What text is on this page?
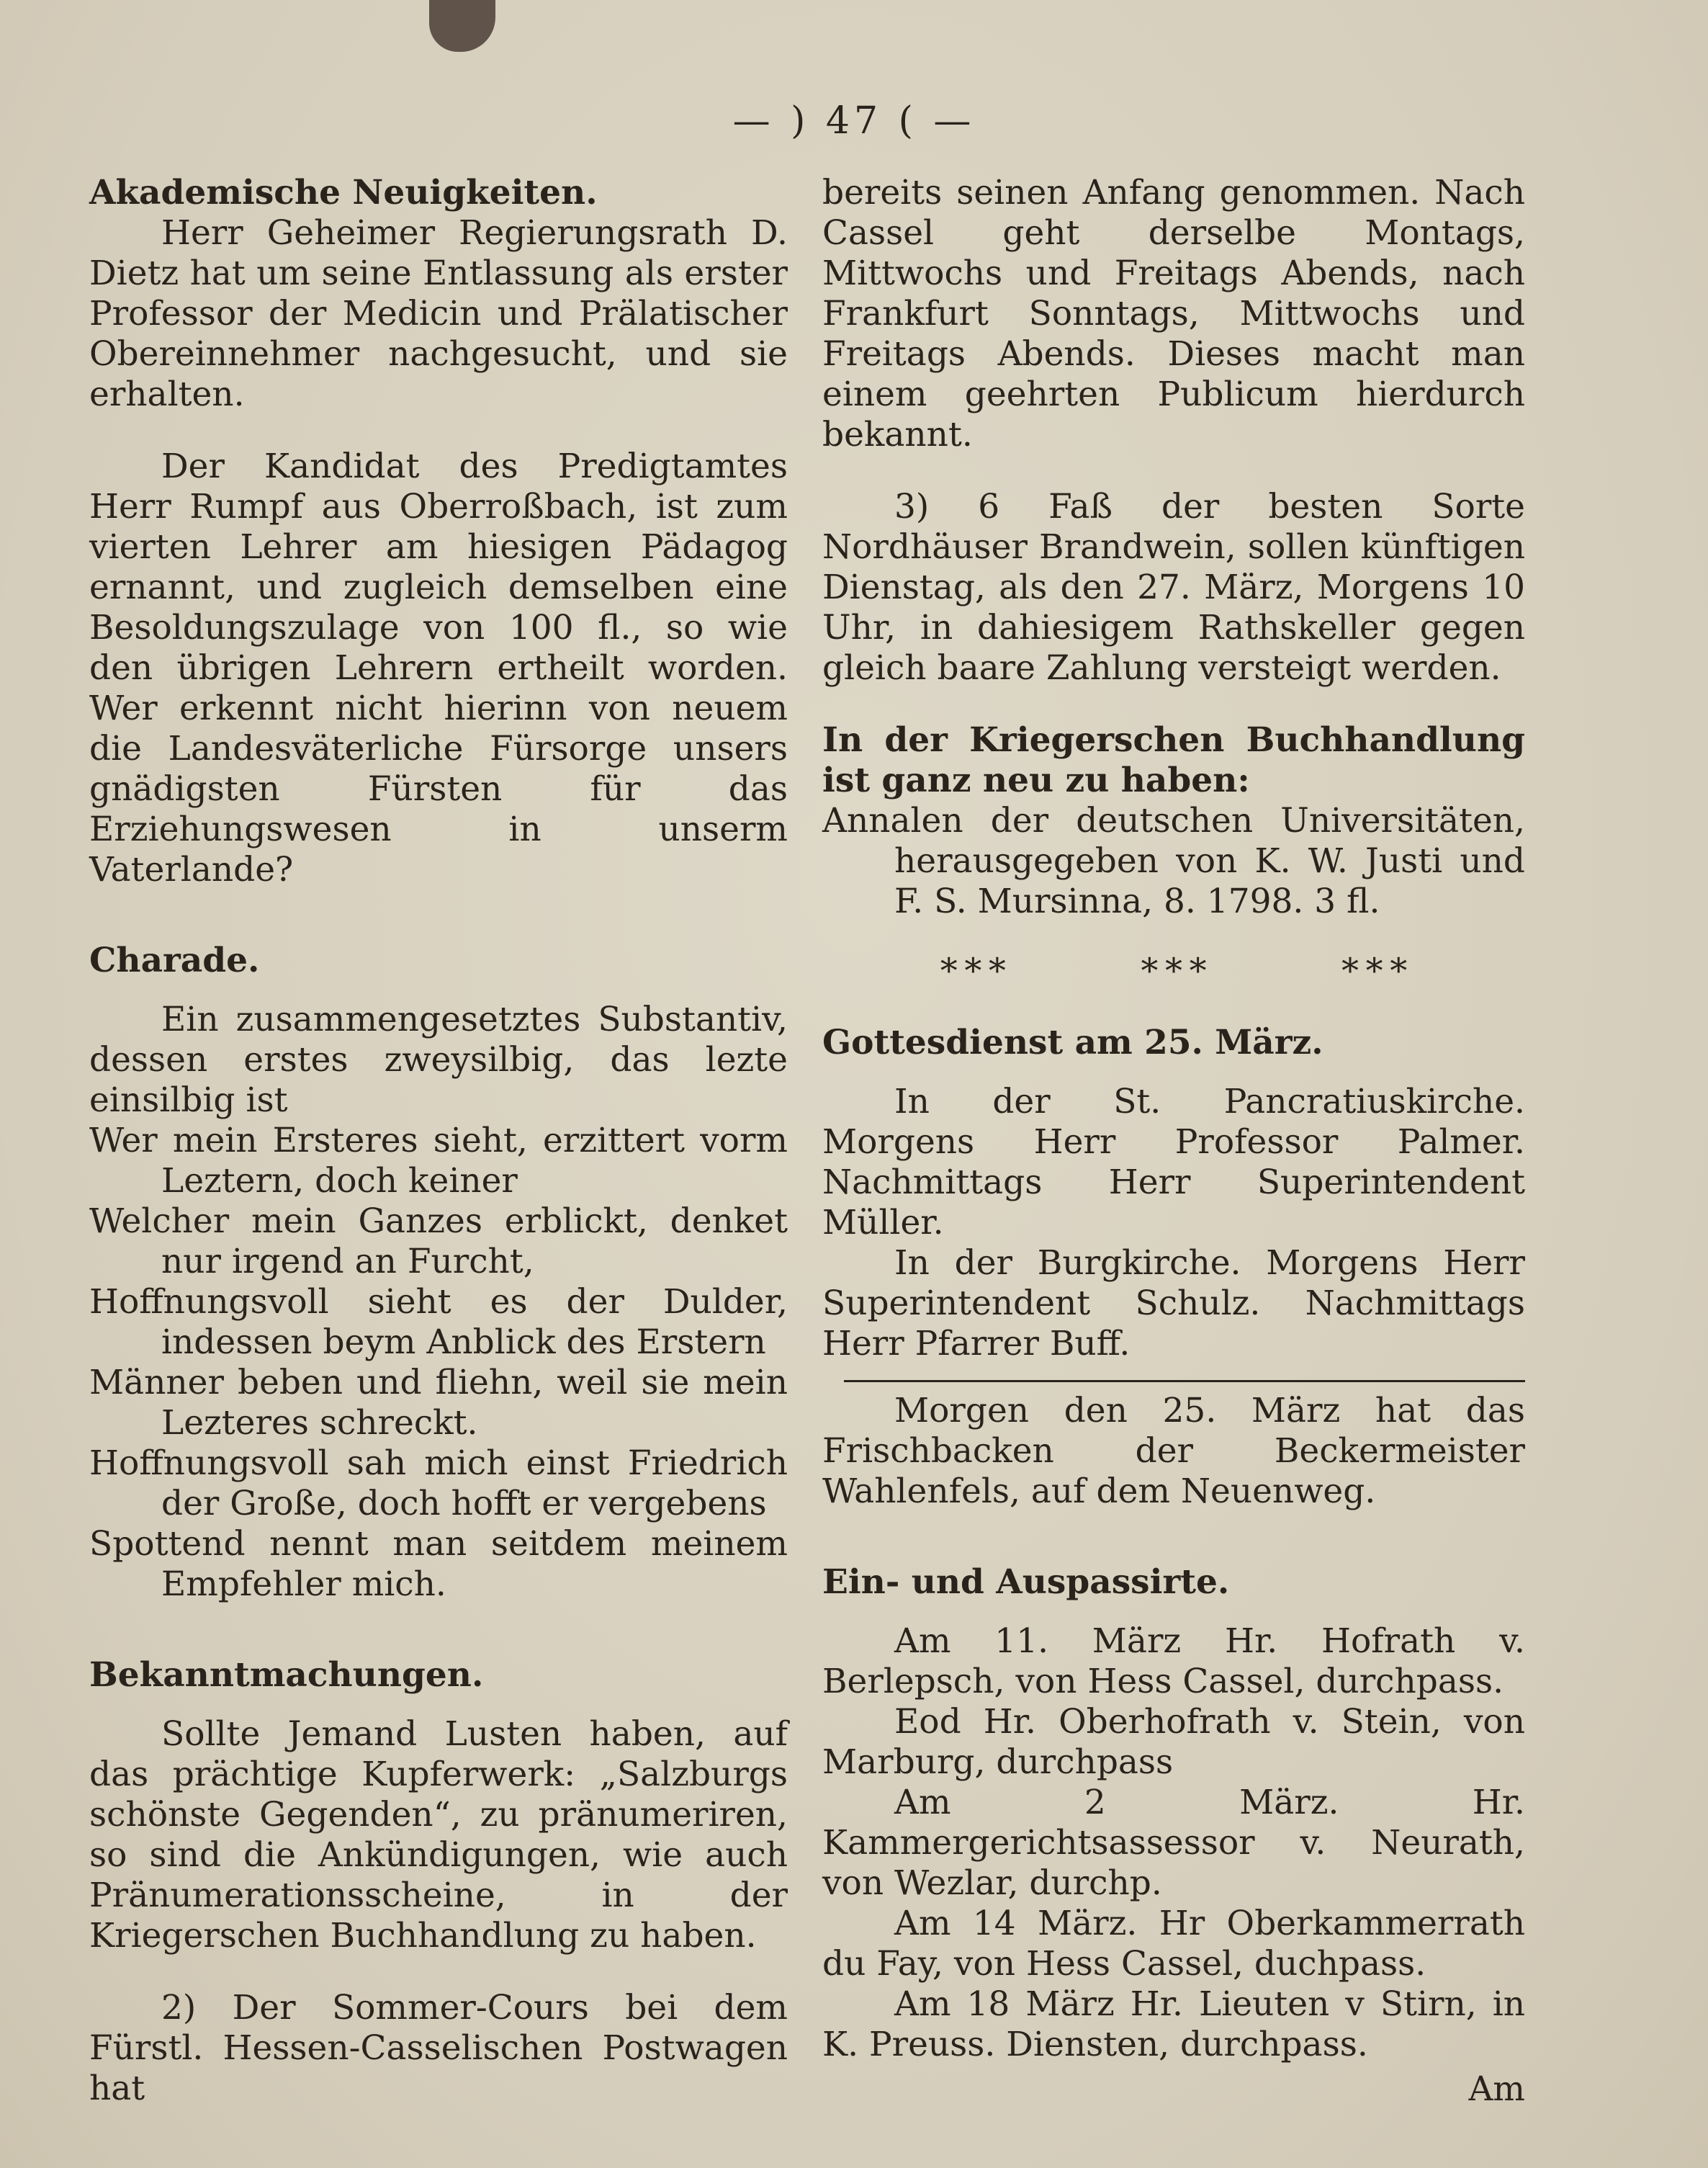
— ) 47 ( —

Akademische Neuigkeiten.

Herr Geheimer Regierungsrath D. Dietz hat um seine Entlassung als erster Professor der Medicin und Prälatischer Obereinnehmer nachgesucht, und sie erhalten.

Der Kandidat des Predigtamtes Herr Rumpf aus Oberroßbach, ist zum vierten Lehrer am hiesigen Pädagog ernannt, und zugleich demselben eine Besoldungszulage von 100 fl., so wie den übrigen Lehrern ertheilt worden. Wer erkennt nicht hierinn von neuem die Landesväterliche Fürsorge unsers gnädigsten Fürsten für das Erziehungswesen in unserm Vaterlande?

Charade.

Ein zusammengesetztes Substantiv, dessen erstes zweysilbig, das lezte einsilbig ist

Wer mein Ersteres sieht, erzittert vorm Leztern, doch keiner

Welcher mein Ganzes erblickt, denket nur irgend an Furcht,

Hoffnungsvoll sieht es der Dulder, indessen beym Anblick des Erstern

Männer beben und fliehn, weil sie mein Lezteres schreckt.

Hoffnungsvoll sah mich einst Friedrich der Große, doch hofft er vergebens

Spottend nennt man seitdem meinem Empfehler mich.

Bekanntmachungen.

Sollte Jemand Lusten haben, auf das prächtige Kupferwerk: „Salzburgs schönste Gegenden“, zu pränumeriren, so sind die Ankündigungen, wie auch Pränumerationsscheine, in der Kriegerschen Buchhandlung zu haben.

2) Der Sommer-Cours bei dem Fürstl. Hessen-Casselischen Postwagen hat

bereits seinen Anfang genommen. Nach Cassel geht derselbe Montags, Mittwochs und Freitags Abends, nach Frankfurt Sonntags, Mittwochs und Freitags Abends. Dieses macht man einem geehrten Publicum hierdurch bekannt.

3) 6 Faß der besten Sorte Nordhäuser Brandwein, sollen künftigen Dienstag, als den 27. März, Morgens 10 Uhr, in dahiesigem Rathskeller gegen gleich baare Zahlung versteigt werden.

In der Kriegerschen Buchhandlung ist ganz neu zu haben:

Annalen der deutschen Universitäten, herausgegeben von K. W. Justi und F. S. Mursinna, 8. 1798. 3 fl.

* * *	* * *	* * *

Gottesdienst am 25. März.

In der St. Pancratiuskirche. Morgens Herr Professor Palmer. Nachmittags Herr Superintendent Müller.

In der Burgkirche. Morgens Herr Superintendent Schulz. Nachmittags Herr Pfarrer Buff.

Morgen den 25. März hat das Frischbacken der Beckermeister Wahlenfels, auf dem Neuenweg.

Ein- und Auspassirte.

Am 11. März Hr. Hofrath v. Berlepsch, von Hess Cassel, durchpass.

Eod Hr. Oberhofrath v. Stein, von Marburg, durchpass

Am 2 März. Hr. Kammergerichtsassessor v. Neurath, von Wezlar, durchp.

Am 14 März. Hr Oberkammerrath du Fay, von Hess Cassel, duchpass.

Am 18 März Hr. Lieuten v Stirn, in K. Preuss. Diensten, durchpass.

Am
